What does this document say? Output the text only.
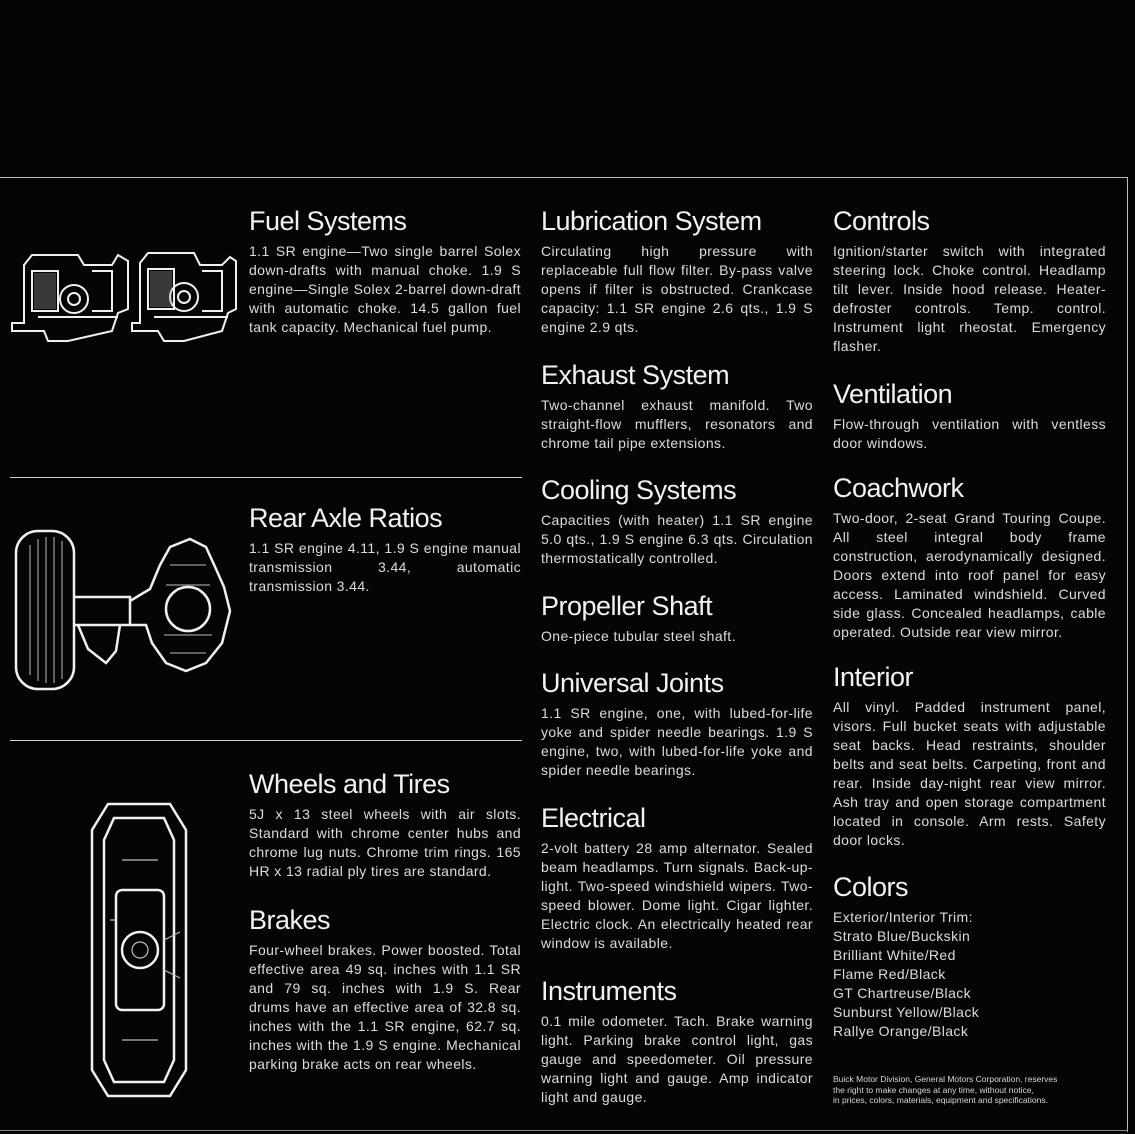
Fuel Systems

1.1 SR engine—Two single barrel Solex down-drafts with manual choke. 1.9 S engine—Single Solex 2-barrel down-draft with automatic choke. 14.5 gallon fuel tank capacity. Mechanical fuel pump.

Rear Axle Ratios

1.1 SR engine 4.11, 1.9 S engine manual transmission 3.44, automatic transmission 3.44.

Wheels and Tires

5J x 13 steel wheels with air slots. Standard with chrome center hubs and chrome lug nuts. Chrome trim rings. 165 HR x 13 radial ply tires are standard.

Brakes

Four-wheel brakes. Power boosted. Total effective area 49 sq. inches with 1.1 SR and 79 sq. inches with 1.9 S. Rear drums have an effective area of 32.8 sq. inches with the 1.1 SR engine, 62.7 sq. inches with the 1.9 S engine. Mechanical parking brake acts on rear wheels.

Lubrication System

Circulating high pressure with replaceable full flow filter. By-pass valve opens if filter is obstructed. Crankcase capacity: 1.1 SR engine 2.6 qts., 1.9 S engine 2.9 qts.

Exhaust System

Two-channel exhaust manifold. Two straight-flow mufflers, resonators and chrome tail pipe extensions.

Cooling Systems

Capacities (with heater) 1.1 SR engine 5.0 qts., 1.9 S engine 6.3 qts. Circulation thermostatically controlled.

Propeller Shaft

One-piece tubular steel shaft.

Universal Joints

1.1 SR engine, one, with lubed-for-life yoke and spider needle bearings. 1.9 S engine, two, with lubed-for-life yoke and spider needle bearings.

Electrical

2-volt battery 28 amp alternator. Sealed beam headlamps. Turn signals. Back-up-light. Two-speed windshield wipers. Two-speed blower. Dome light. Cigar lighter. Electric clock. An electrically heated rear window is available.

Instruments

0.1 mile odometer. Tach. Brake warning light. Parking brake control light, gas gauge and speedometer. Oil pressure warning light and gauge. Amp indicator light and gauge.

Controls

Ignition/starter switch with integrated steering lock. Choke control. Headlamp tilt lever. Inside hood release. Heater-defroster controls. Temp. control. Instrument light rheostat. Emergency flasher.

Ventilation

Flow-through ventilation with ventless door windows.

Coachwork

Two-door, 2-seat Grand Touring Coupe. All steel integral body frame construction, aerodynamically designed. Doors extend into roof panel for easy access. Laminated windshield. Curved side glass. Concealed headlamps, cable operated. Outside rear view mirror.

Interior

All vinyl. Padded instrument panel, visors. Full bucket seats with adjustable seat backs. Head restraints, shoulder belts and seat belts. Carpeting, front and rear. Inside day-night rear view mirror. Ash tray and open storage compartment located in console. Arm rests. Safety door locks.

Colors
Exterior/Interior Trim:
Strato Blue/Buckskin
Brilliant White/Red
Flame Red/Black
GT Chartreuse/Black
Sunburst Yellow/Black
Rallye Orange/Black
Buick Motor Division, General Motors Corporation, reserves
the right to make changes at any time, without notice,
in prices, colors, materials, equipment and specifications.
